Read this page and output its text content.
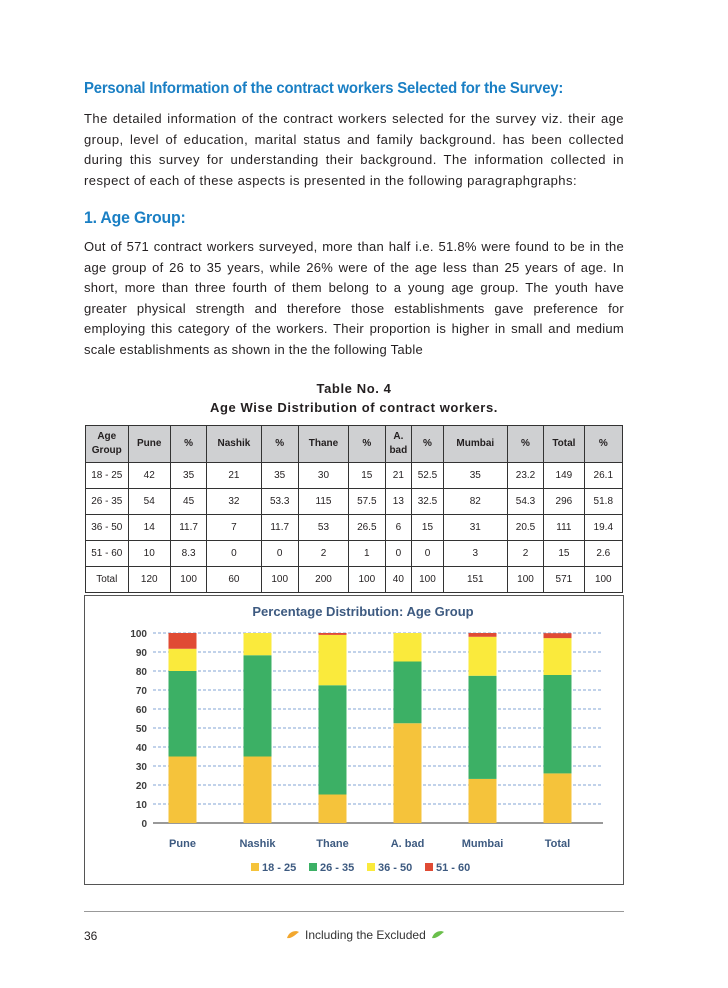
Personal Information of the contract workers Selected for the Survey:

The detailed information of the contract workers selected for the survey viz. their age group, level of education, marital status and family background. has been collected during this survey for understanding their background. The information collected in respect of each of these aspects is presented in the following paragraphgraphs:

1. Age Group:

Out of 571 contract workers surveyed, more than half i.e. 51.8% were found to be in the age group of 26 to 35 years, while 26% were of the age less than 25 years of age. In short, more than three fourth of them belong to a young age group. The youth have greater physical strength and therefore those establishments gave preference for employing this category of the workers. Their proportion is higher in small and medium scale establishments as shown in the the following Table

Table No. 4

Age Wise Distribution of contract workers.

Age Group	Pune	%	Nashik	%	Thane	%	A. bad	%	Mumbai	%	Total	%
18 - 25	42	35	21	35	30	15	21	52.5	35	23.2	149	26.1
26 - 35	54	45	32	53.3	115	57.5	13	32.5	82	54.3	296	51.8
36 - 50	14	11.7	7	11.7	53	26.5	6	15	31	20.5	111	19.4
51 - 60	10	8.3	0	0	2	1	0	0	3	2	15	2.6
Total	120	100	60	100	200	100	40	100	151	100	571	100
Percentage Distribution: Age Group
0
10
20
30
40
50
60
70
80
90
100
Pune	Nashik	Thane	A. bad	Mumbai	Total
18 - 25 26 - 35 36 - 50 51 - 60

36	Including the Excluded
